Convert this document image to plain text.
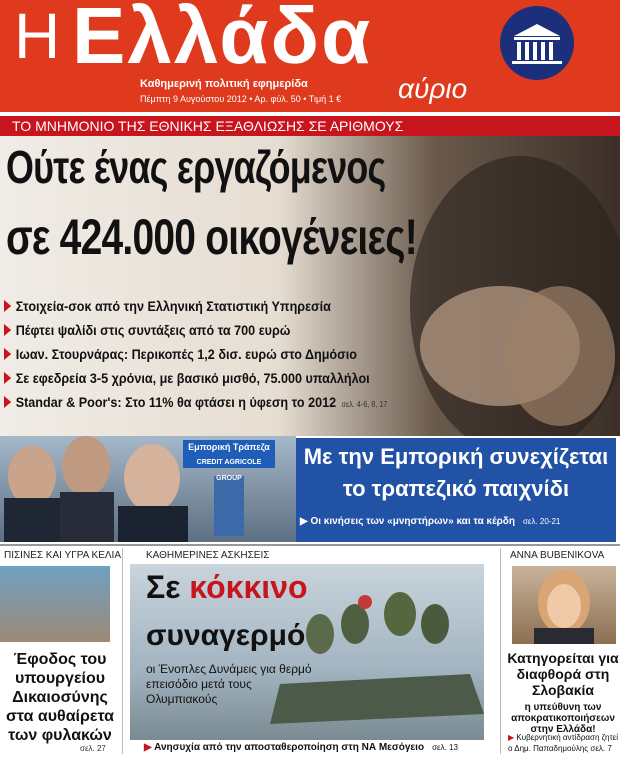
Η Ελλάδα
αύριο
Καθημερινή πολιτική εφημερίδα
Πέμπτη 9 Αυγούστου 2012 • Αρ. φύλ. 50 • Τιμή 1 €
ΤΟ ΜΝΗΜΟΝΙΟ ΤΗΣ ΕΘΝΙΚΗΣ ΕΞΑΘΛΙΩΣΗΣ ΣΕ ΑΡΙΘΜΟΥΣ
Ούτε ένας εργαζόμενος
σε 424.000 οικογένειες!
Στοιχεία-σοκ από την Ελληνική Στατιστική Υπηρεσία
Πέφτει ψαλίδι στις συντάξεις από τα 700 ευρώ
Ιωαν. Στουρνάρας: Περικοπές 1,2 δισ. ευρώ στο Δημόσιο
Σε εφεδρεία 3-5 χρόνια, με βασικό μισθό, 75.000 υπαλλήλοι
Standar & Poor's: Στο 11% θα φτάσει η ύφεση το 2012 σελ. 4-6, 8, 17
Εμπορική Τράπεζα
CREDIT AGRICOLE GROUP
Με την Εμπορική συνεχίζεται
το τραπεζικό παιχνίδι
▶ Οι κινήσεις των «μνηστήρων» και τα κέρδη σελ. 20-21
ΠΙΣΙΝΕΣ ΚΑΙ ΥΓΡΑ ΚΕΛΙΑ
Έφοδος του υπουργείου Δικαιοσύνης στα αυθαίρετα των φυλακών
σελ. 27
ΚΑΘΗΜΕΡΙΝΕΣ ΑΣΚΗΣΕΙΣ
Σε κόκκινο
συναγερμό
οι Ένοπλες Δυνάμεις για θερμό επεισόδιο μετά τους Ολυμπιακούς
▶ Ανησυχία από την αποσταθεροποίηση στη ΝΑ Μεσόγειο σελ. 13
ΑΝΝΑ BUBENIKOVA
Κατηγορείται για διαφθορά στη Σλοβακία
η υπεύθυνη των αποκρατικοποιήσεων στην Ελλάδα!
▶ Κυβερνητική αντίδραση ζητεί ο Δημ. Παπαδημούλης σελ. 7
